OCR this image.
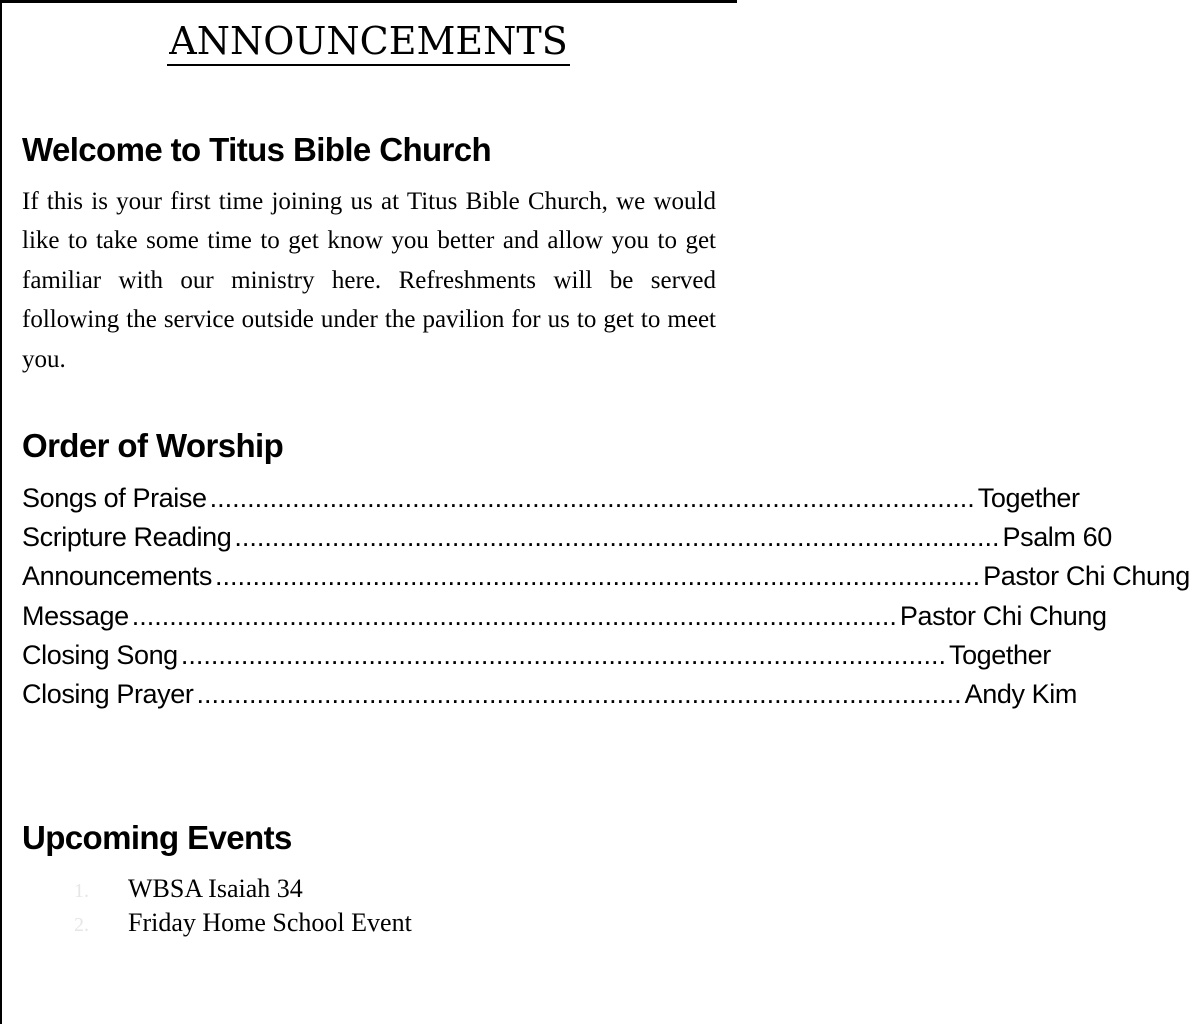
ANNOUNCEMENTS
Welcome to Titus Bible Church
If this is your first time joining us at Titus Bible Church, we would like to take some time to get know you better and allow you to get familiar with our ministry here. Refreshments will be served following the service outside under the pavilion for us to get to meet you.
Order of Worship
Songs of Praise ...................................................................................................... Together
Scripture Reading ...................................................................................................... Psalm 60
Announcements ...................................................................................................... Pastor Chi Chung
Message ...................................................................................................... Pastor Chi Chung
Closing Song ...................................................................................................... Together
Closing Prayer ...................................................................................................... Andy Kim
Upcoming Events
1. WBSA Isaiah 34
2. Friday Home School Event
